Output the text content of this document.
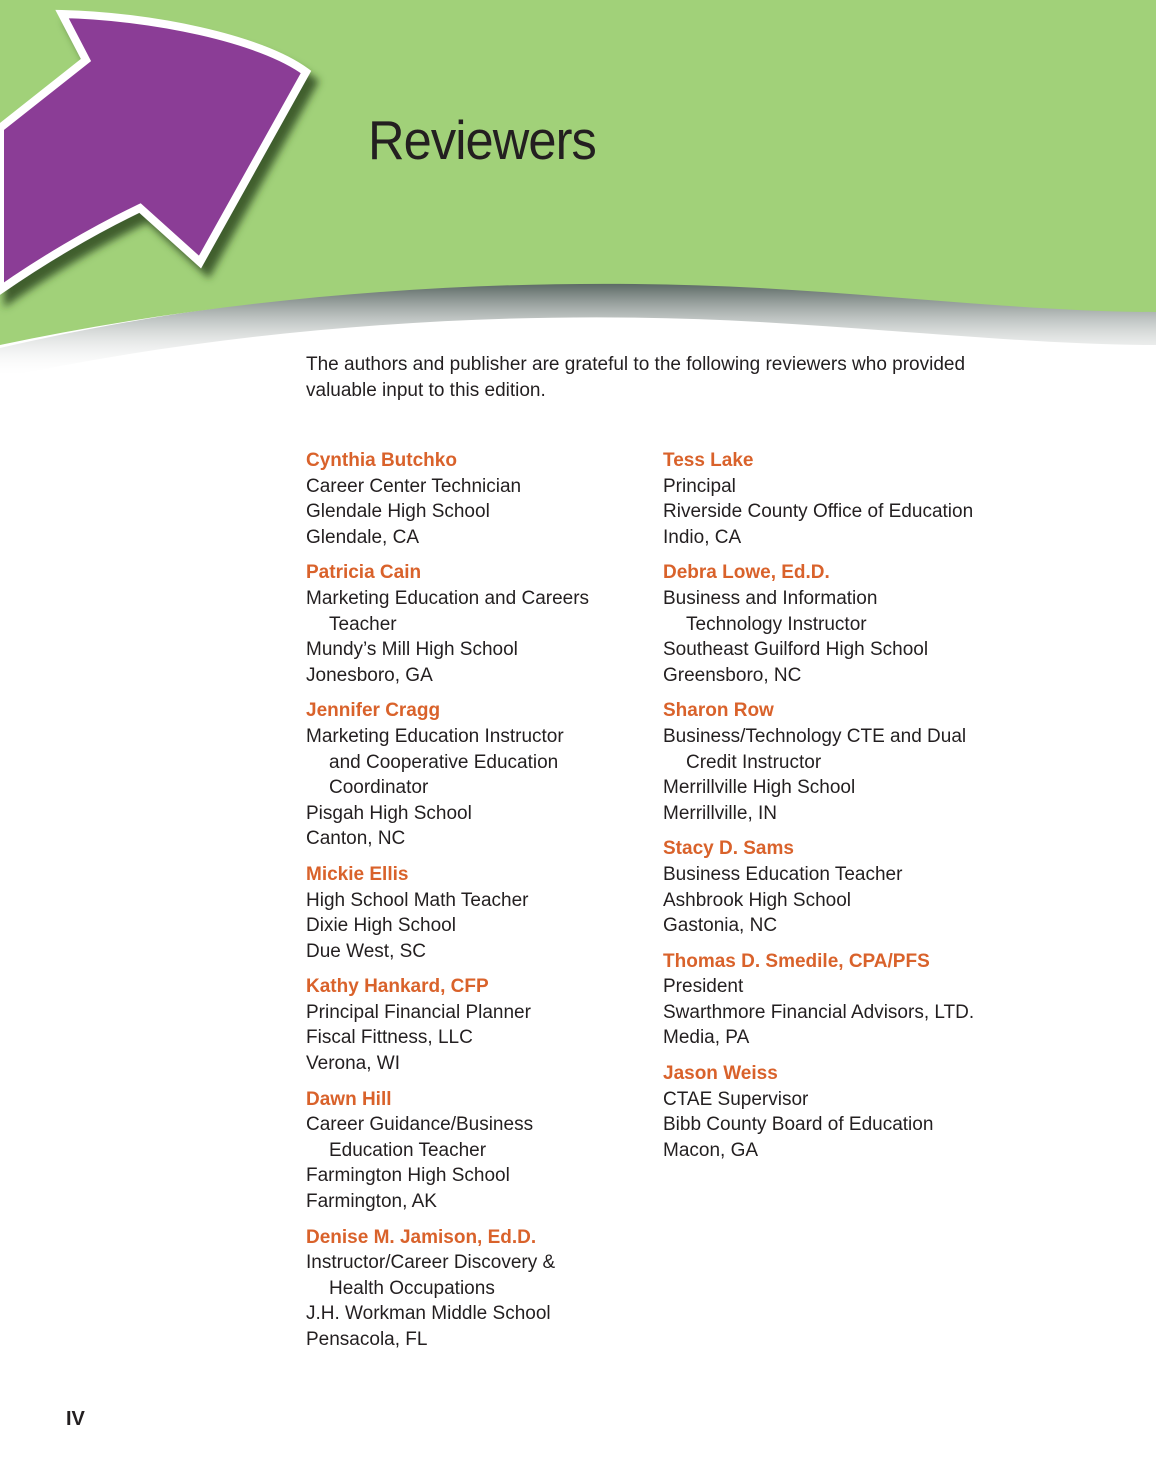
Reviewers

The authors and publisher are grateful to the following reviewers who provided valuable input to this edition.

Cynthia Butchko
Career Center Technician
Glendale High School
Glendale, CA
Patricia Cain
Marketing Education and Careers
Teacher
Mundy’s Mill High School
Jonesboro, GA
Jennifer Cragg
Marketing Education Instructor
and Cooperative Education
Coordinator
Pisgah High School
Canton, NC
Mickie Ellis
High School Math Teacher
Dixie High School
Due West, SC
Kathy Hankard, CFP
Principal Financial Planner
Fiscal Fittness, LLC
Verona, WI
Dawn Hill
Career Guidance/Business
Education Teacher
Farmington High School
Farmington, AK
Denise M. Jamison, Ed.D.
Instructor/Career Discovery &
Health Occupations
J.H. Workman Middle School
Pensacola, FL
Tess Lake
Principal
Riverside County Office of Education
Indio, CA
Debra Lowe, Ed.D.
Business and Information
Technology Instructor
Southeast Guilford High School
Greensboro, NC
Sharon Row
Business/Technology CTE and Dual
Credit Instructor
Merrillville High School
Merrillville, IN
Stacy D. Sams
Business Education Teacher
Ashbrook High School
Gastonia, NC
Thomas D. Smedile, CPA/PFS
President
Swarthmore Financial Advisors, LTD.
Media, PA
Jason Weiss
CTAE Supervisor
Bibb County Board of Education
Macon, GA
IV
